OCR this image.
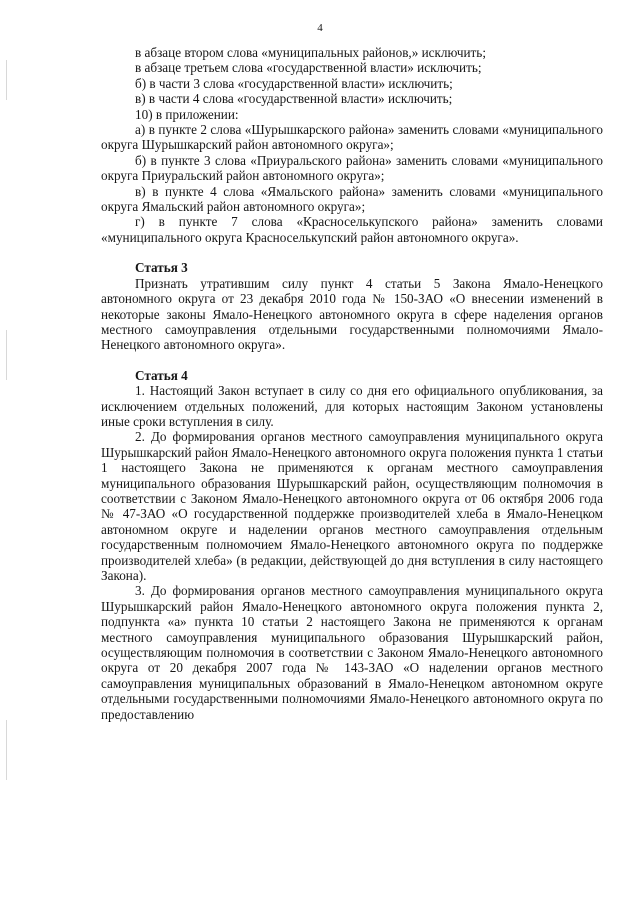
4

в абзаце втором слова «муниципальных районов,» исключить;

в абзаце третьем слова «государственной власти» исключить;

б) в части 3 слова «государственной власти» исключить;

в) в части 4 слова «государственной власти» исключить;

10) в приложении:

а) в пункте 2 слова «Шурышкарского района» заменить словами «муниципального округа Шурышкарский район автономного округа»;

б) в пункте 3 слова «Приуральского района» заменить словами «муниципального округа Приуральский район автономного округа»;

в) в пункте 4 слова «Ямальского района» заменить словами «муниципального округа Ямальский район автономного округа»;

г) в пункте 7 слова «Красноселькупского района» заменить словами «муниципального округа Красноселькупский район автономного округа».

Статья 3

Признать утратившим силу пункт 4 статьи 5 Закона Ямало-Ненецкого автономного округа от 23 декабря 2010 года № 150-ЗАО «О внесении изменений в некоторые законы Ямало-Ненецкого автономного округа в сфере наделения органов местного самоуправления отдельными государственными полномочиями Ямало-Ненецкого автономного округа».

Статья 4

1. Настоящий Закон вступает в силу со дня его официального опубликования, за исключением отдельных положений, для которых настоящим Законом установлены иные сроки вступления в силу.

2. До формирования органов местного самоуправления муниципального округа Шурышкарский район Ямало-Ненецкого автономного округа положения пункта 1 статьи 1 настоящего Закона не применяются к органам местного самоуправления муниципального образования Шурышкарский район, осуществляющим полномочия в соответствии с Законом Ямало-Ненецкого автономного округа от 06 октября 2006 года № 47-ЗАО «О государственной поддержке производителей хлеба в Ямало-Ненецком автономном округе и наделении органов местного самоуправления отдельным государственным полномочием Ямало-Ненецкого автономного округа по поддержке производителей хлеба» (в редакции, действующей до дня вступления в силу настоящего Закона).

3. До формирования органов местного самоуправления муниципального округа Шурышкарский район Ямало-Ненецкого автономного округа положения пункта 2, подпункта «а» пункта 10 статьи 2 настоящего Закона не применяются к органам местного самоуправления муниципального образования Шурышкарский район, осуществляющим полномочия в соответствии с Законом Ямало-Ненецкого автономного округа от 20 декабря 2007 года № 143-ЗАО «О наделении органов местного самоуправления муниципальных образований в Ямало-Ненецком автономном округе отдельными государственными полномочиями Ямало-Ненецкого автономного округа по предоставлению
